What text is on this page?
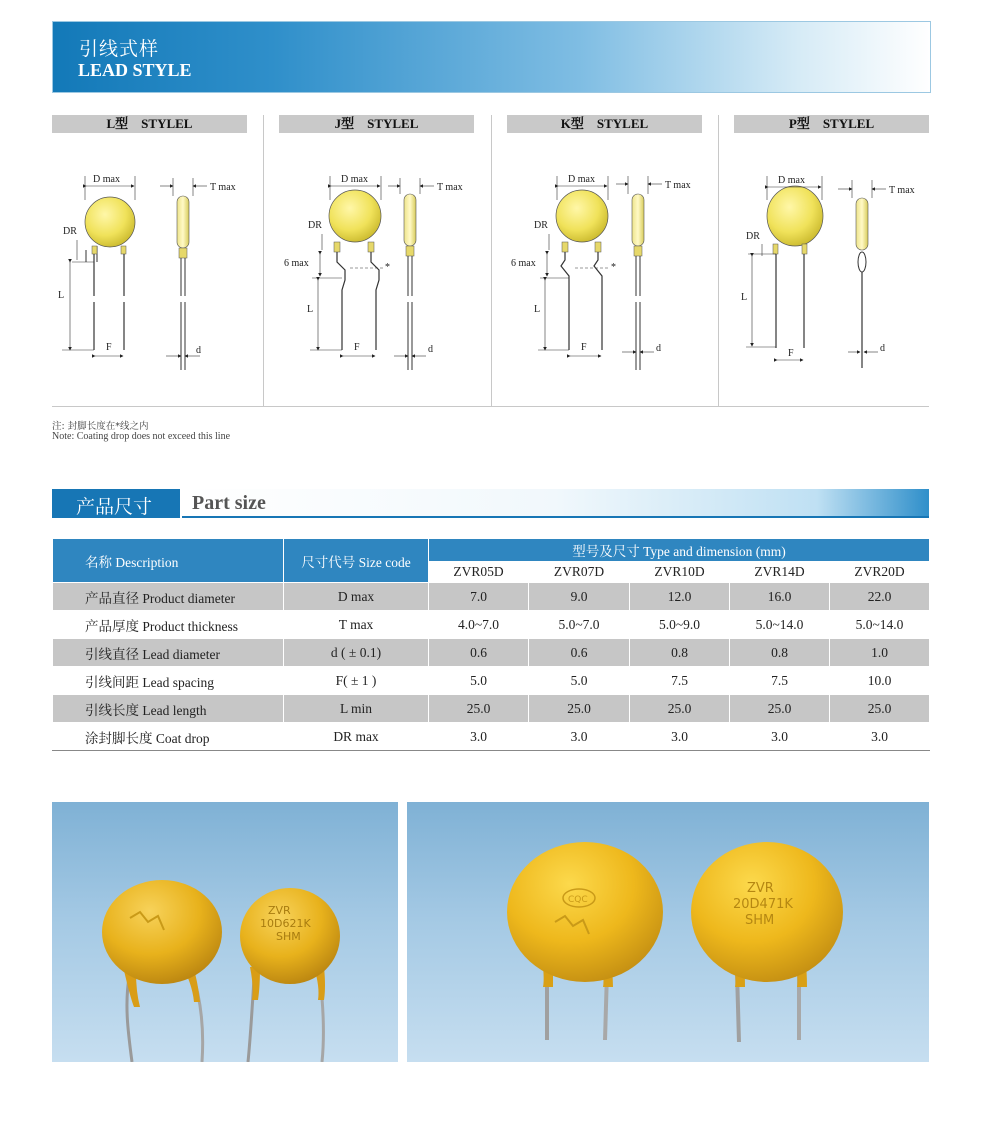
引线式样
LEAD STYLE
L型　STYLEL	J型　STYLEL	K型　STYLEL	P型　STYLEL
D max
DR
L
F
T max
d
D max
DR
6 max	*
L
F
T max
d
D max
DR
6 max	*
L
F
T max
d
D max
DR
L
F
T max
d
注: 封脚长度在*线之内
Note: Coating drop does not exceed this line
产品尺寸 Part size
名称 Description	尺寸代号 Size code	型号及尺寸 Type and dimension (mm)				
		ZVR05D	ZVR07D	ZVR10D	ZVR14D	ZVR20D
产品直径 Product diameter	D max	7.0	9.0	12.0	16.0	22.0
产品厚度 Product thickness	T max	4.0~7.0	5.0~7.0	5.0~9.0	5.0~14.0	5.0~14.0
引线直径 Lead diameter	d ( ± 0.1)	0.6	0.6	0.8	0.8	1.0
引线间距 Lead spacing	F( ± 1 )	5.0	5.0	7.5	7.5	10.0
引线长度 Lead length	L min	25.0	25.0	25.0	25.0	25.0
涂封脚长度 Coat drop	DR max	3.0	3.0	3.0	3.0	3.0
ZVR
10D621K
SHM
CQC
ZVR
20D471K
SHM
